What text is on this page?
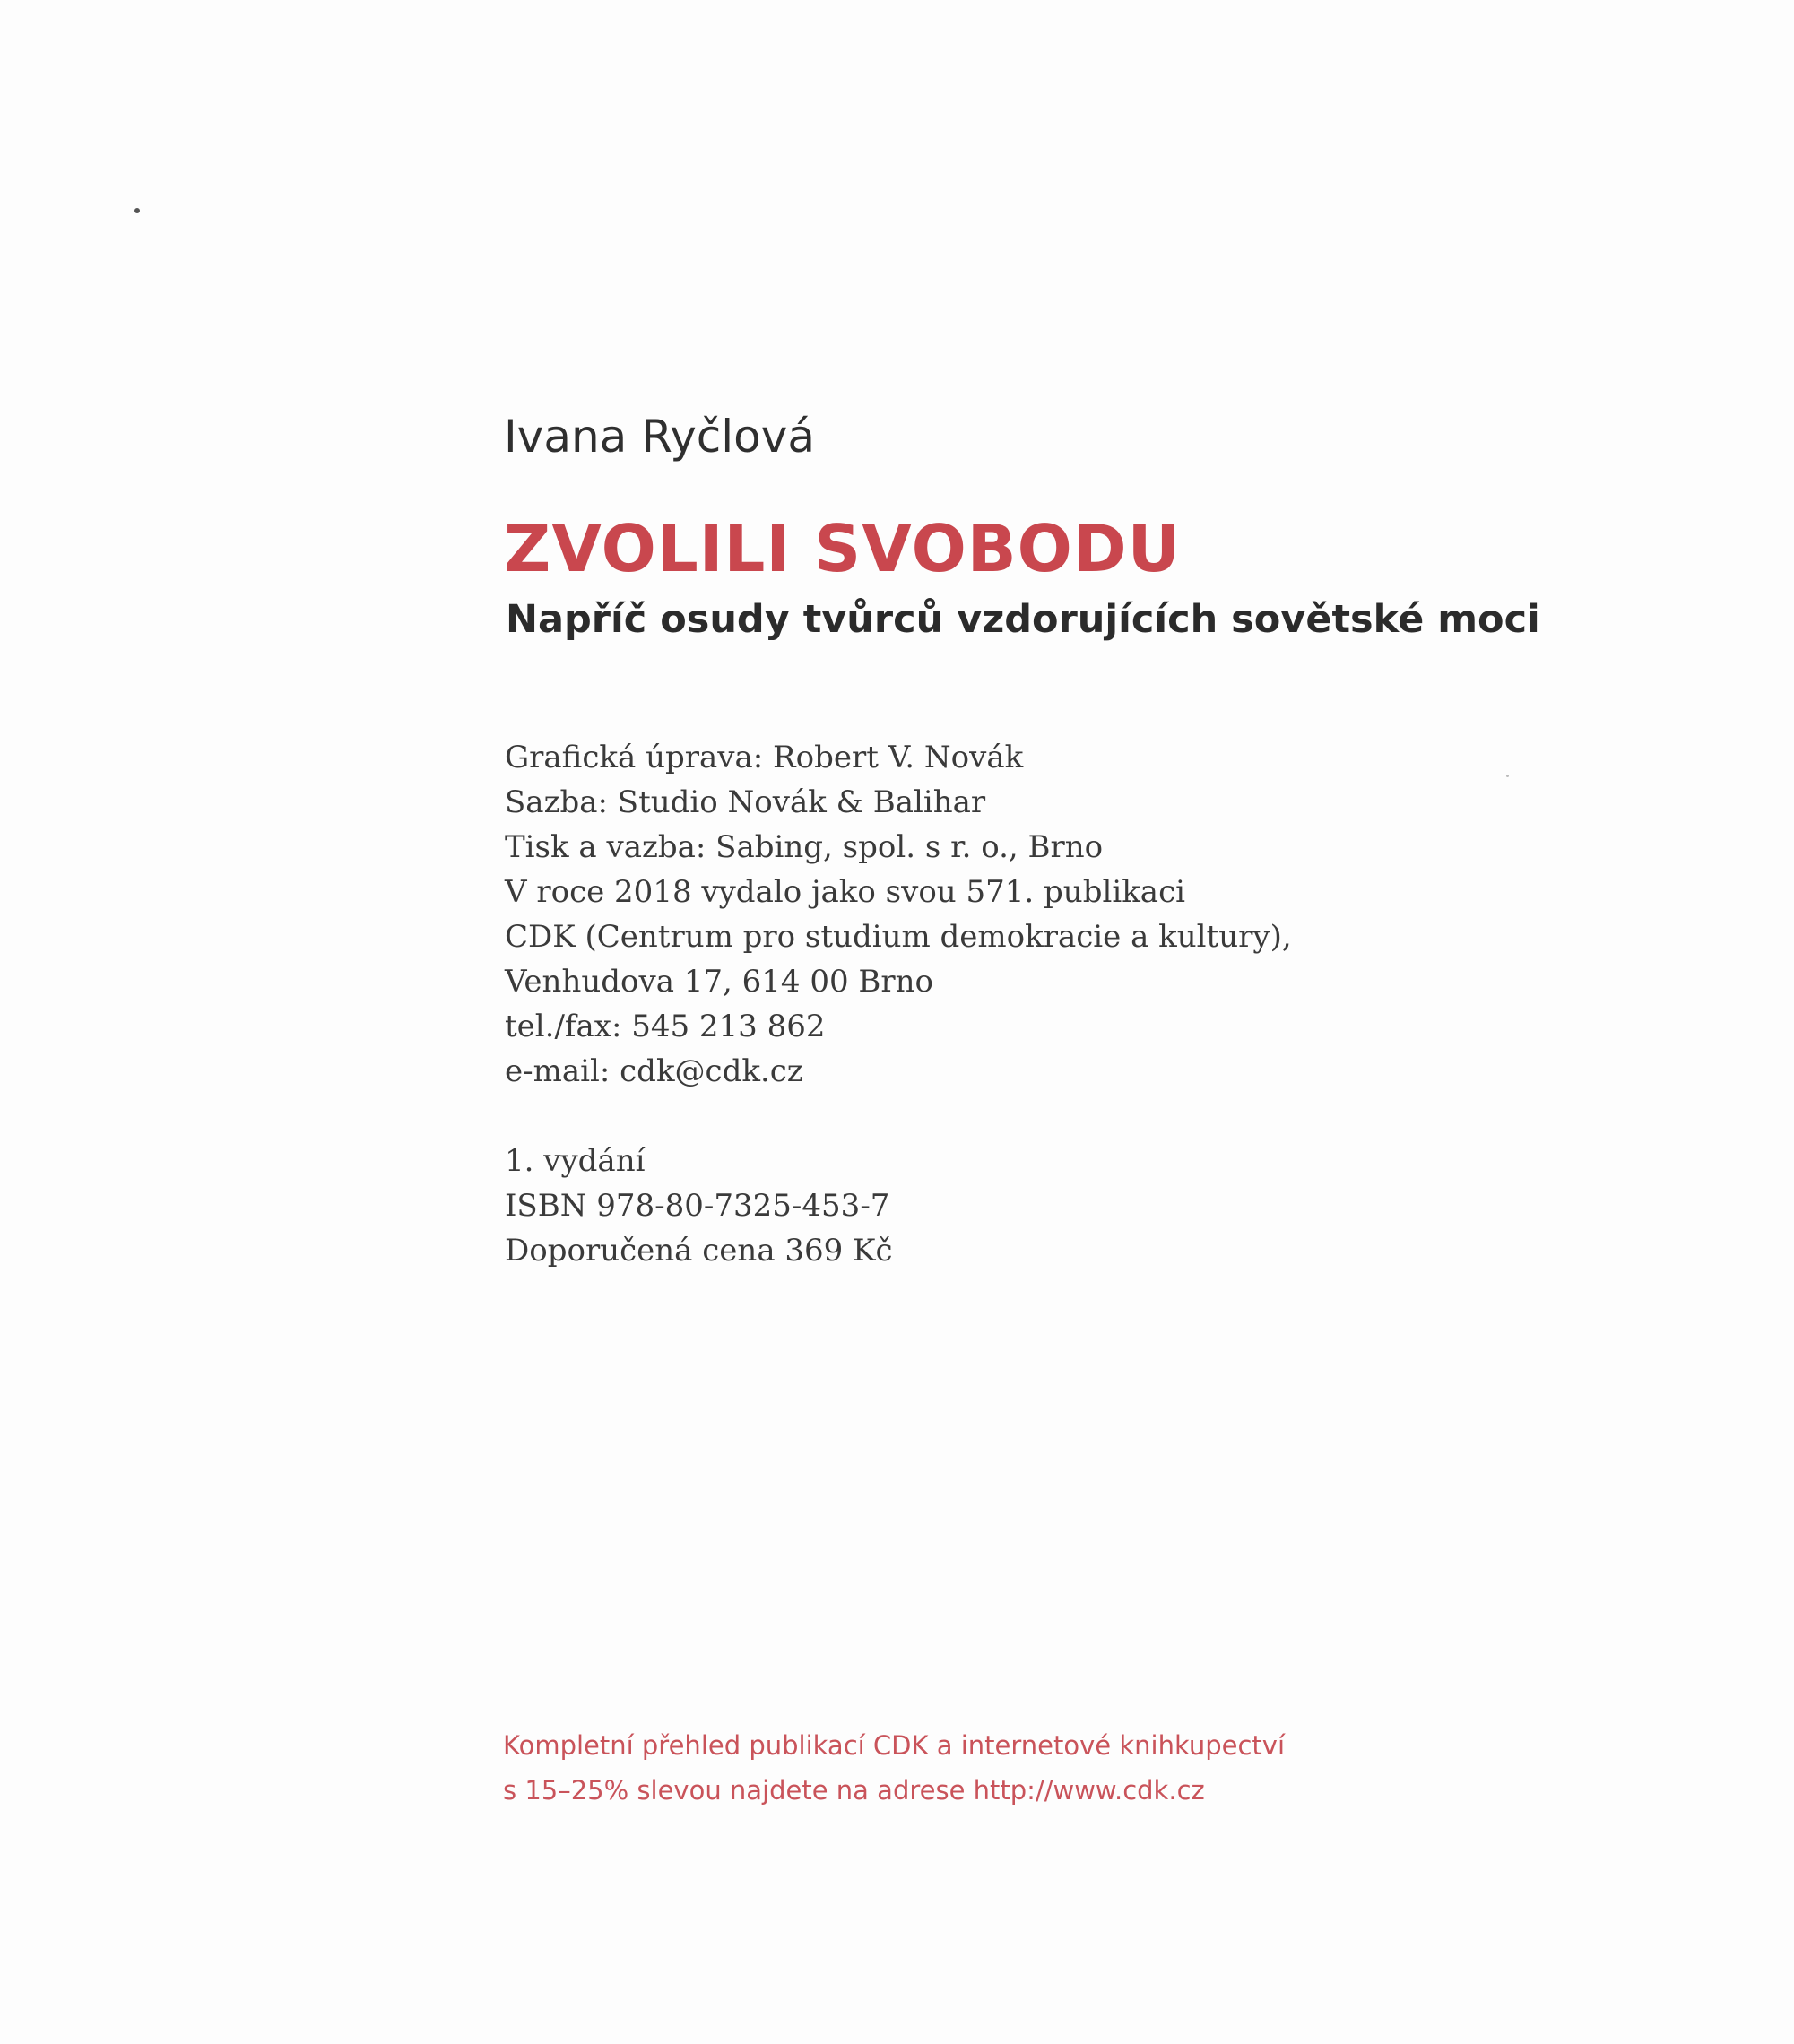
Ivana Ryčlová
ZVOLILI SVOBODU
Napříč osudy tvůrců vzdorujících sovětské moci
Grafická úprava: Robert V. Novák
Sazba: Studio Novák & Balihar
Tisk a vazba: Sabing, spol. s r. o., Brno
V roce 2018 vydalo jako svou 571. publikaci
CDK (Centrum pro studium demokracie a kultury),
Venhudova 17, 614 00 Brno
tel./fax: 545 213 862
e-mail: cdk@cdk.cz
1. vydání
ISBN 978-80-7325-453-7
Doporučená cena 369 Kč
Kompletní přehled publikací CDK a internetové knihkupectví
s 15–25% slevou najdete na adrese http://www.cdk.cz
